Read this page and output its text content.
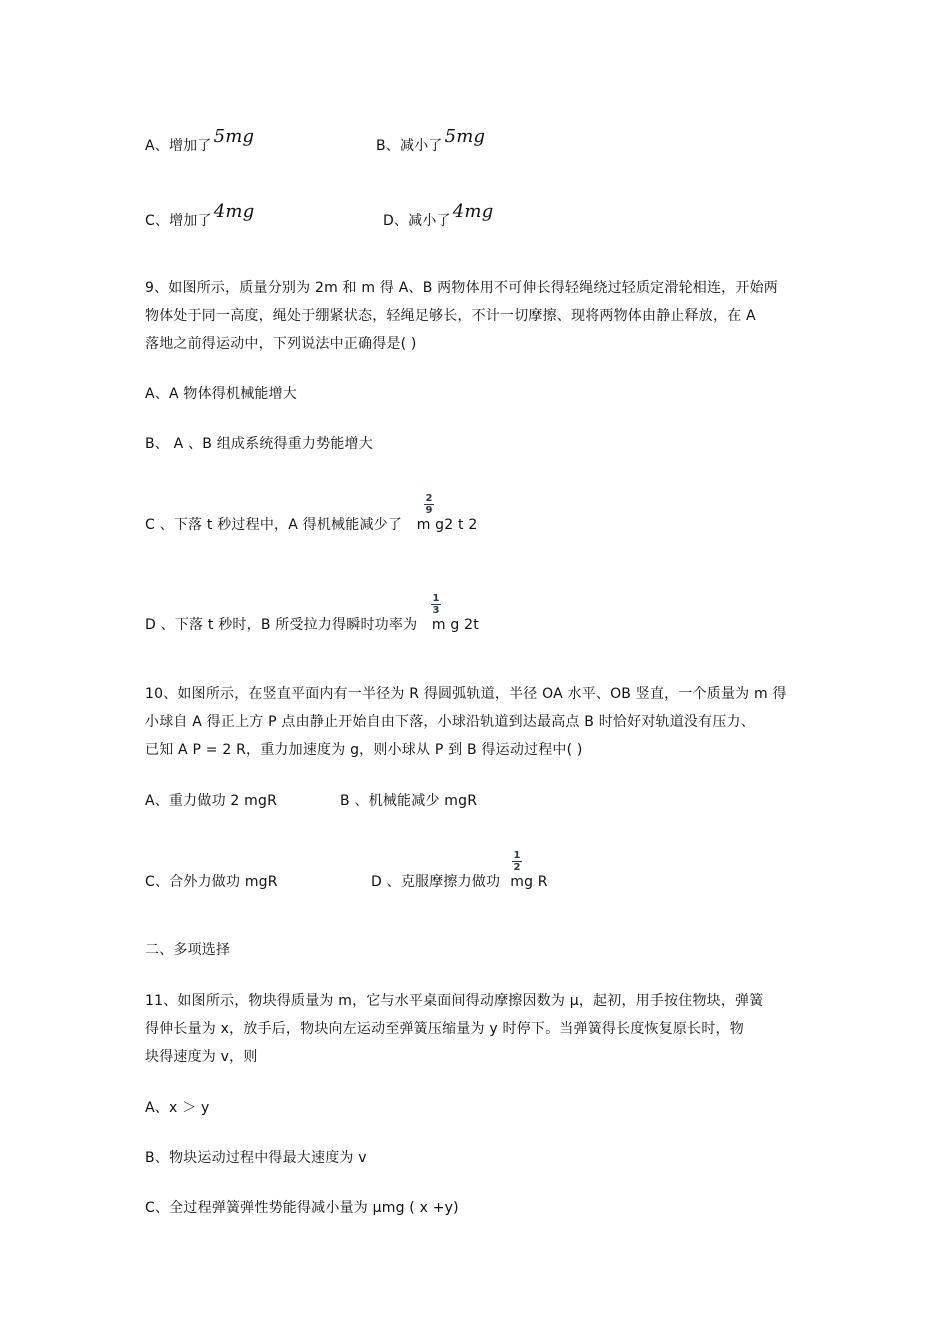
A、增加了 5mg	B、减小了 5mg
C、增加了 4mg	D、减小了 4mg
9、如图所示，质量分别为 2m 和 m 得 A、B 两物体用不可伸长得轻绳绕过轻质定滑轮相连，开始两
物体处于同一高度，绳处于绷紧状态，轻绳足够长，不计一切摩擦、现将两物体由静止释放，在 A
落地之前得运动中，下列说法中正确得是( )
A、A 物体得机械能增大
B、 A 、B 组成系统得重力势能增大
C 、下落 t 秒过程中，A 得机械能减少了 m g2 t 2
$\frac{2}{9}$
D 、下落 t 秒时，B 所受拉力得瞬时功率为 m g 2t
$\frac{1}{3}$
10、如图所示，在竖直平面内有一半径为 R 得圆弧轨道，半径 OA 水平、OB 竖直，一个质量为 m 得
小球自 A 得正上方 P 点由静止开始自由下落，小球沿轨道到达最高点 B 时恰好对轨道没有压力、
已知 A P = 2 R，重力加速度为 g，则小球从 P 到 B 得运动过程中( )
A、重力做功 2 mgR	B 、机械能减少 mgR
C、合外力做功 mgR	D 、克服摩擦力做功 mg R
$\frac{1}{2}$
二、多项选择
11、如图所示，物块得质量为 m，它与水平桌面间得动摩擦因数为 μ，起初，用手按住物块，弹簧
得伸长量为 x，放手后，物块向左运动至弹簧压缩量为 y 时停下。当弹簧得长度恢复原长时，物
块得速度为 v，则
A、x ＞ y
B、物块运动过程中得最大速度为 v
C、全过程弹簧弹性势能得减小量为 μmg ( x +y)
